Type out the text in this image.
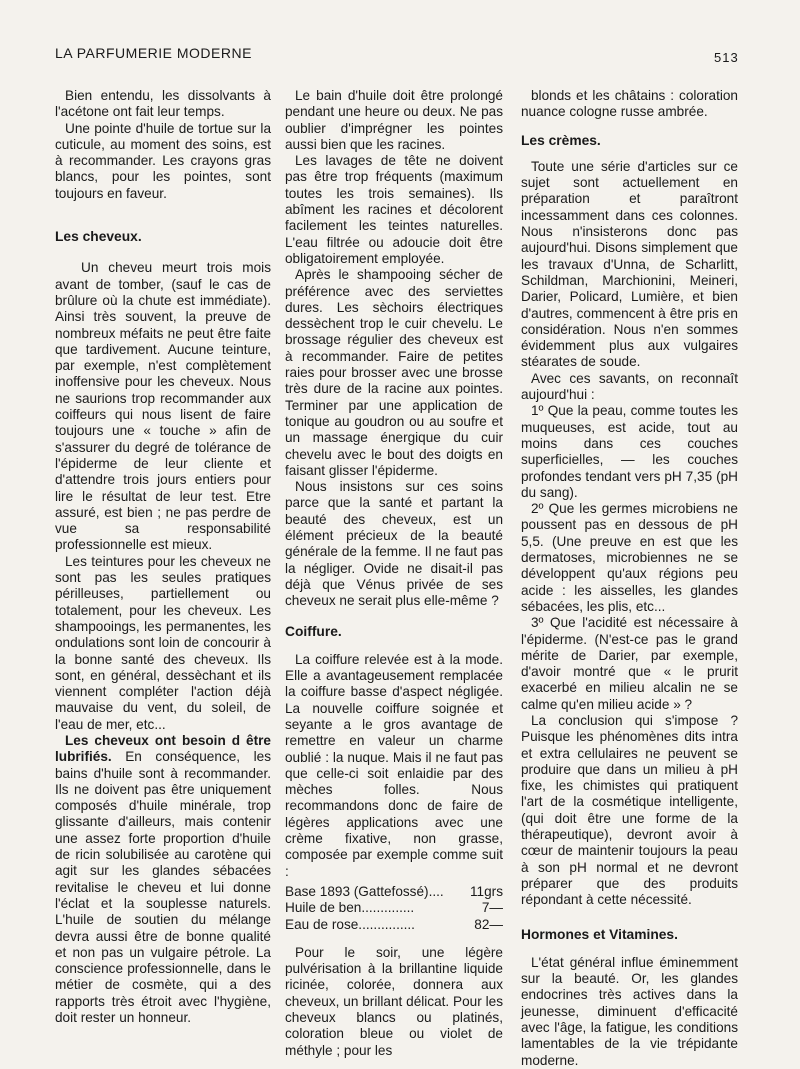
LA PARFUMERIE MODERNE	513

Bien entendu, les dissolvants à l'acétone ont fait leur temps.

Une pointe d'huile de tortue sur la cuticule, au moment des soins, est à recommander. Les crayons gras blancs, pour les pointes, sont toujours en faveur.

Les cheveux.

Un cheveu meurt trois mois avant de tomber, (sauf le cas de brûlure où la chute est immédiate). Ainsi très souvent, la preuve de nombreux méfaits ne peut être faite que tardivement. Aucune teinture, par exemple, n'est complètement inoffensive pour les cheveux. Nous ne saurions trop recommander aux coiffeurs qui nous lisent de faire toujours une « touche » afin de s'assurer du degré de tolérance de l'épiderme de leur cliente et d'attendre trois jours entiers pour lire le résultat de leur test. Etre assuré, est bien ; ne pas perdre de vue sa responsabilité professionnelle est mieux.

Les teintures pour les cheveux ne sont pas les seules pratiques périlleuses, partiellement ou totalement, pour les cheveux. Les shampooings, les permanentes, les ondulations sont loin de concourir à la bonne santé des cheveux. Ils sont, en général, dessèchant et ils viennent compléter l'action déjà mauvaise du vent, du soleil, de l'eau de mer, etc...

Les cheveux ont besoin d être lubrifiés. En conséquence, les bains d'huile sont à recommander. Ils ne doivent pas être uniquement composés d'huile minérale, trop glissante d'ailleurs, mais contenir une assez forte proportion d'huile de ricin solubilisée au carotène qui agit sur les glandes sébacées revitalise le cheveu et lui donne l'éclat et la souplesse naturels. L'huile de soutien du mélange devra aussi être de bonne qualité et non pas un vulgaire pétrole. La conscience professionnelle, dans le métier de cosmète, qui a des rapports très étroit avec l'hygiène, doit rester un honneur.

Le bain d'huile doit être prolongé pendant une heure ou deux. Ne pas oublier d'imprégner les pointes aussi bien que les racines.

Les lavages de tête ne doivent pas être trop fréquents (maximum toutes les trois semaines). Ils abîment les racines et décolorent facilement les teintes naturelles. L'eau filtrée ou adoucie doit être obligatoirement employée.

Après le shampooing sécher de préférence avec des serviettes dures. Les sèchoirs électriques dessèchent trop le cuir chevelu. Le brossage régulier des cheveux est à recommander. Faire de petites raies pour brosser avec une brosse très dure de la racine aux pointes. Terminer par une application de tonique au goudron ou au soufre et un massage énergique du cuir chevelu avec le bout des doigts en faisant glisser l'épiderme.

Nous insistons sur ces soins parce que la santé et partant la beauté des cheveux, est un élément précieux de la beauté générale de la femme. Il ne faut pas la négliger. Ovide ne disait-il pas déjà que Vénus privée de ses cheveux ne serait plus elle-même ?

Coiffure.

La coiffure relevée est à la mode. Elle a avantageusement remplacée la coiffure basse d'aspect négligée. La nouvelle coiffure soignée et seyante a le gros avantage de remettre en valeur un charme oublié : la nuque. Mais il ne faut pas que celle-ci soit enlaidie par des mèches folles. Nous recommandons donc de faire de légères applications avec une crème fixative, non grasse, composée par exemple comme suit :

Base 1893 (Gattefossé)....	11grs
Huile de ben..............	7—
Eau de rose...............	82—

Pour le soir, une légère pulvérisation à la brillantine liquide ricinée, colorée, donnera aux cheveux, un brillant délicat. Pour les cheveux blancs ou platinés, coloration bleue ou violet de méthyle ; pour les

blonds et les châtains : coloration nuance cologne russe ambrée.

Les crèmes.

Toute une série d'articles sur ce sujet sont actuellement en préparation et paraîtront incessamment dans ces colonnes. Nous n'insisterons donc pas aujourd'hui. Disons simplement que les travaux d'Unna, de Scharlitt, Schildman, Marchionini, Meineri, Darier, Policard, Lumière, et bien d'autres, commencent à être pris en considération. Nous n'en sommes évidemment plus aux vulgaires stéarates de soude.

Avec ces savants, on reconnaît aujourd'hui :

1º Que la peau, comme toutes les muqueuses, est acide, tout au moins dans ces couches superficielles, — les couches profondes tendant vers pH 7,35 (pH du sang).

2º Que les germes microbiens ne poussent pas en dessous de pH 5,5. (Une preuve en est que les dermatoses, microbiennes ne se développent qu'aux régions peu acide : les aisselles, les glandes sébacées, les plis, etc...

3º Que l'acidité est nécessaire à l'épiderme. (N'est-ce pas le grand mérite de Darier, par exemple, d'avoir montré que « le prurit exacerbé en milieu alcalin ne se calme qu'en milieu acide » ?

La conclusion qui s'impose ? Puisque les phénomènes dits intra et extra cellulaires ne peuvent se produire que dans un milieu à pH fixe, les chimistes qui pratiquent l'art de la cosmétique intelligente, (qui doit être une forme de la thérapeutique), devront avoir à cœur de maintenir toujours la peau à son pH normal et ne devront préparer que des produits répondant à cette nécessité.

Hormones et Vitamines.

L'état général influe éminemment sur la beauté. Or, les glandes endocrines très actives dans la jeunesse, diminuent d'efficacité avec l'âge, la fatigue, les conditions lamentables de la vie trépidante moderne.
